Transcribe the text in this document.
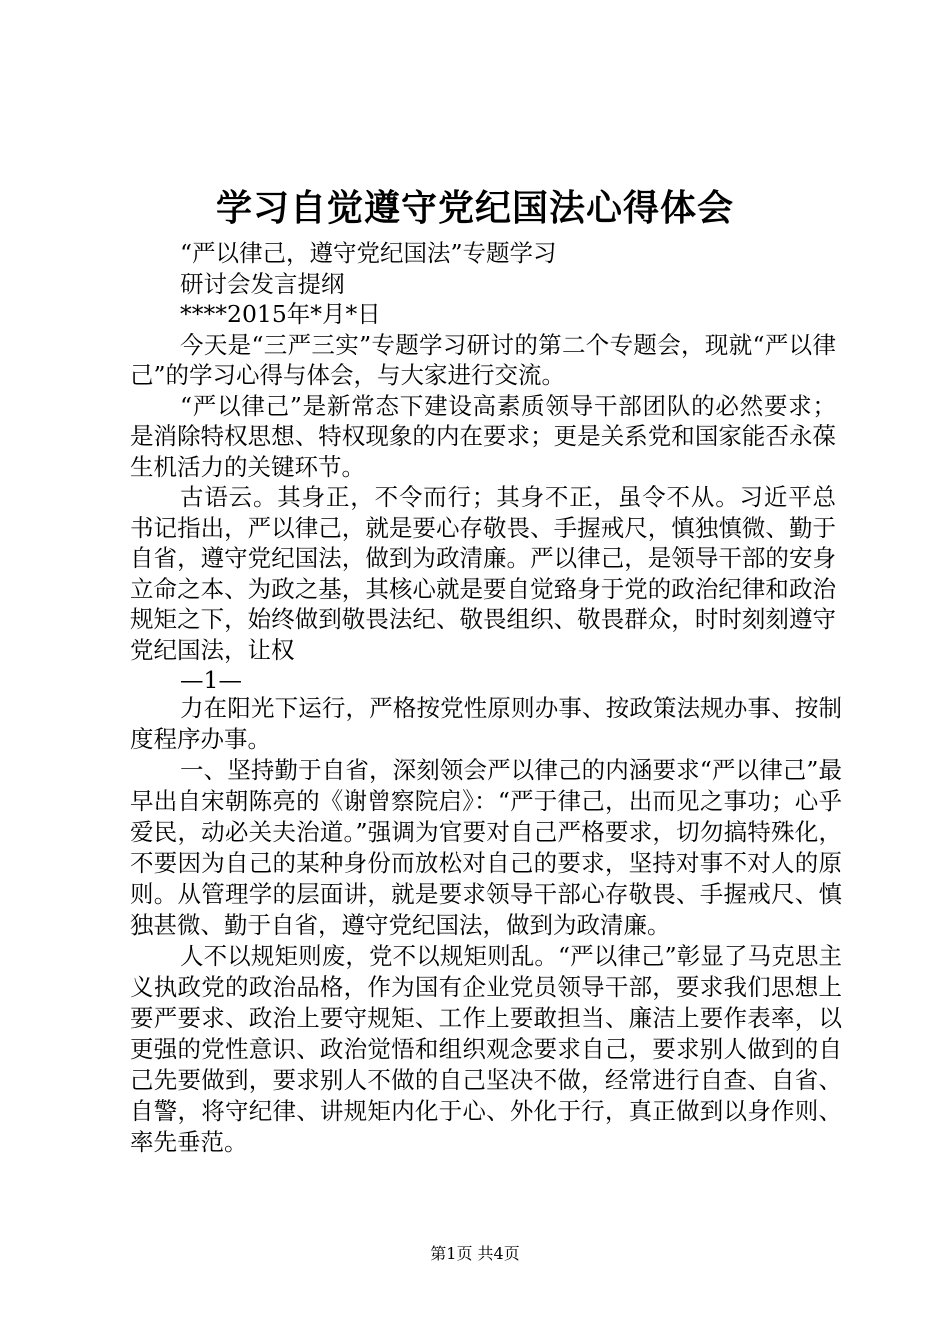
学习自觉遵守党纪国法心得体会

“严以律己，遵守党纪国法”专题学习

研讨会发言提纲

****2015年*月*日

今天是“三严三实”专题学习研讨的第二个专题会，现就“严以律己”的学习心得与体会，与大家进行交流。

“严以律己”是新常态下建设高素质领导干部团队的必然要求；是消除特权思想、特权现象的内在要求；更是关系党和国家能否永葆生机活力的关键环节。

古语云。其身正，不令而行；其身不正，虽令不从。习近平总书记指出，严以律己，就是要心存敬畏、手握戒尺，慎独慎微、勤于自省，遵守党纪国法，做到为政清廉。严以律己，是领导干部的安身立命之本、为政之基，其核心就是要自觉臵身于党的政治纪律和政治规矩之下，始终做到敬畏法纪、敬畏组织、敬畏群众，时时刻刻遵守党纪国法，让权

—1—

力在阳光下运行，严格按党性原则办事、按政策法规办事、按制度程序办事。

一、坚持勤于自省，深刻领会严以律己的内涵要求“严以律己”最早出自宋朝陈亮的《谢曾察院启》：“严于律己，出而见之事功；心乎爱民，动必关夫治道。”强调为官要对自己严格要求，切勿搞特殊化，不要因为自己的某种身份而放松对自己的要求，坚持对事不对人的原则。从管理学的层面讲，就是要求领导干部心存敬畏、手握戒尺、慎独甚微、勤于自省，遵守党纪国法，做到为政清廉。

人不以规矩则废，党不以规矩则乱。“严以律己”彰显了马克思主义执政党的政治品格，作为国有企业党员领导干部，要求我们思想上要严要求、政治上要守规矩、工作上要敢担当、廉洁上要作表率，以更强的党性意识、政治觉悟和组织观念要求自己，要求别人做到的自己先要做到，要求别人不做的自己坚决不做，经常进行自查、自省、自警，将守纪律、讲规矩内化于心、外化于行，真正做到以身作则、率先垂范。

第1页 共4页
